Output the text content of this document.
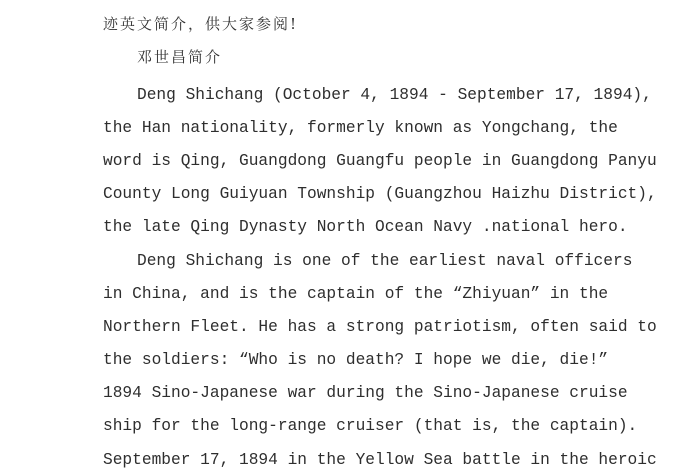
迹英文简介，供大家参阅!
邓世昌简介
Deng Shichang (October 4, 1894 - September 17, 1894),
the Han nationality, formerly known as Yongchang, the
word is Qing, Guangdong Guangfu people in Guangdong Panyu
County Long Guiyuan Township (Guangzhou Haizhu District),
the late Qing Dynasty North Ocean Navy .national hero.
Deng Shichang is one of the earliest naval officers
in China, and is the captain of the “Zhiyuan” in the
Northern Fleet. He has a strong patriotism, often said to
the soldiers: “Who is no death? I hope we die, die!”
1894 Sino-Japanese war during the Sino-Japanese cruise
ship for the long-range cruiser (that is, the captain).
September 17, 1894 in the Yellow Sea battle in the heroic
